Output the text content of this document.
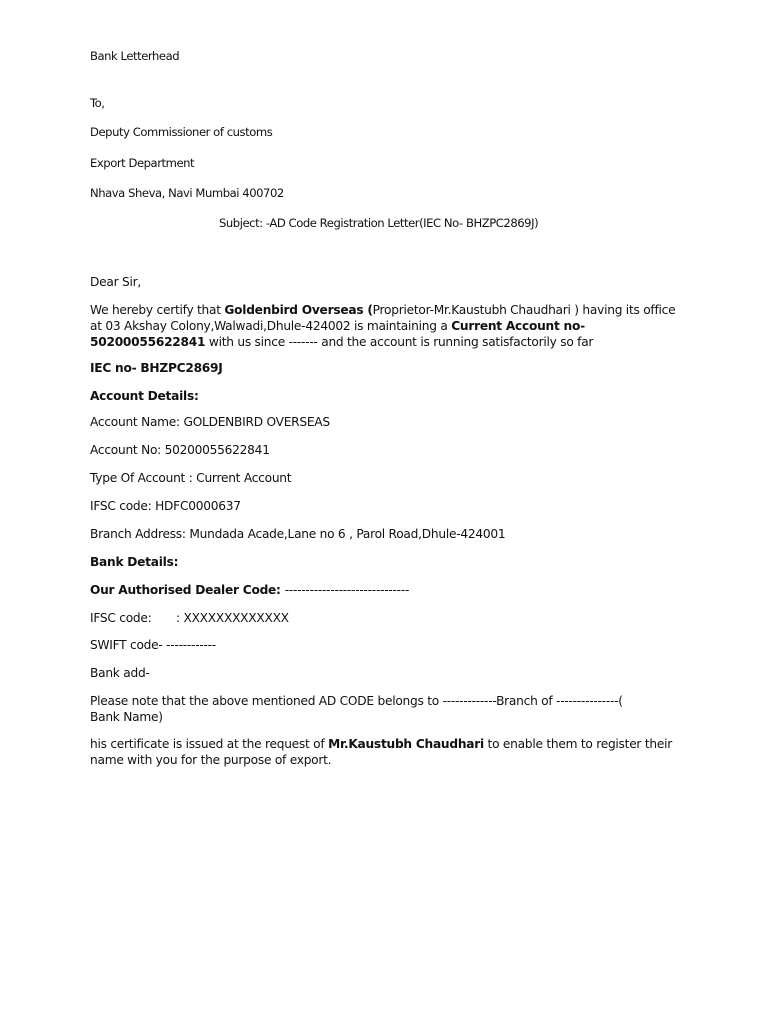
Bank Letterhead
To,
Deputy Commissioner of customs
Export Department
Nhava Sheva, Navi Mumbai 400702
Subject: -AD Code Registration Letter(IEC No- BHZPC2869J)
Dear Sir,
We hereby certify that Goldenbird Overseas (Proprietor-Mr.Kaustubh Chaudhari ) having its office at 03 Akshay Colony,Walwadi,Dhule-424002 is maintaining a Current Account no-50200055622841 with us since ------- and the account is running satisfactorily so far
IEC no- BHZPC2869J
Account Details:
Account Name: GOLDENBIRD OVERSEAS
Account No: 50200055622841
Type Of Account : Current Account
IFSC code: HDFC0000637
Branch Address: Mundada Acade,Lane no 6 , Parol Road,Dhule-424001
Bank Details:
Our Authorised Dealer Code: ------------------------------
IFSC code: : XXXXXXXXXXXXX
SWIFT code- ------------
Bank add-
Please note that the above mentioned AD CODE belongs to -------------Branch of ---------------( Bank Name)
his certificate is issued at the request of Mr.Kaustubh Chaudhari to enable them to register their name with you for the purpose of export.
